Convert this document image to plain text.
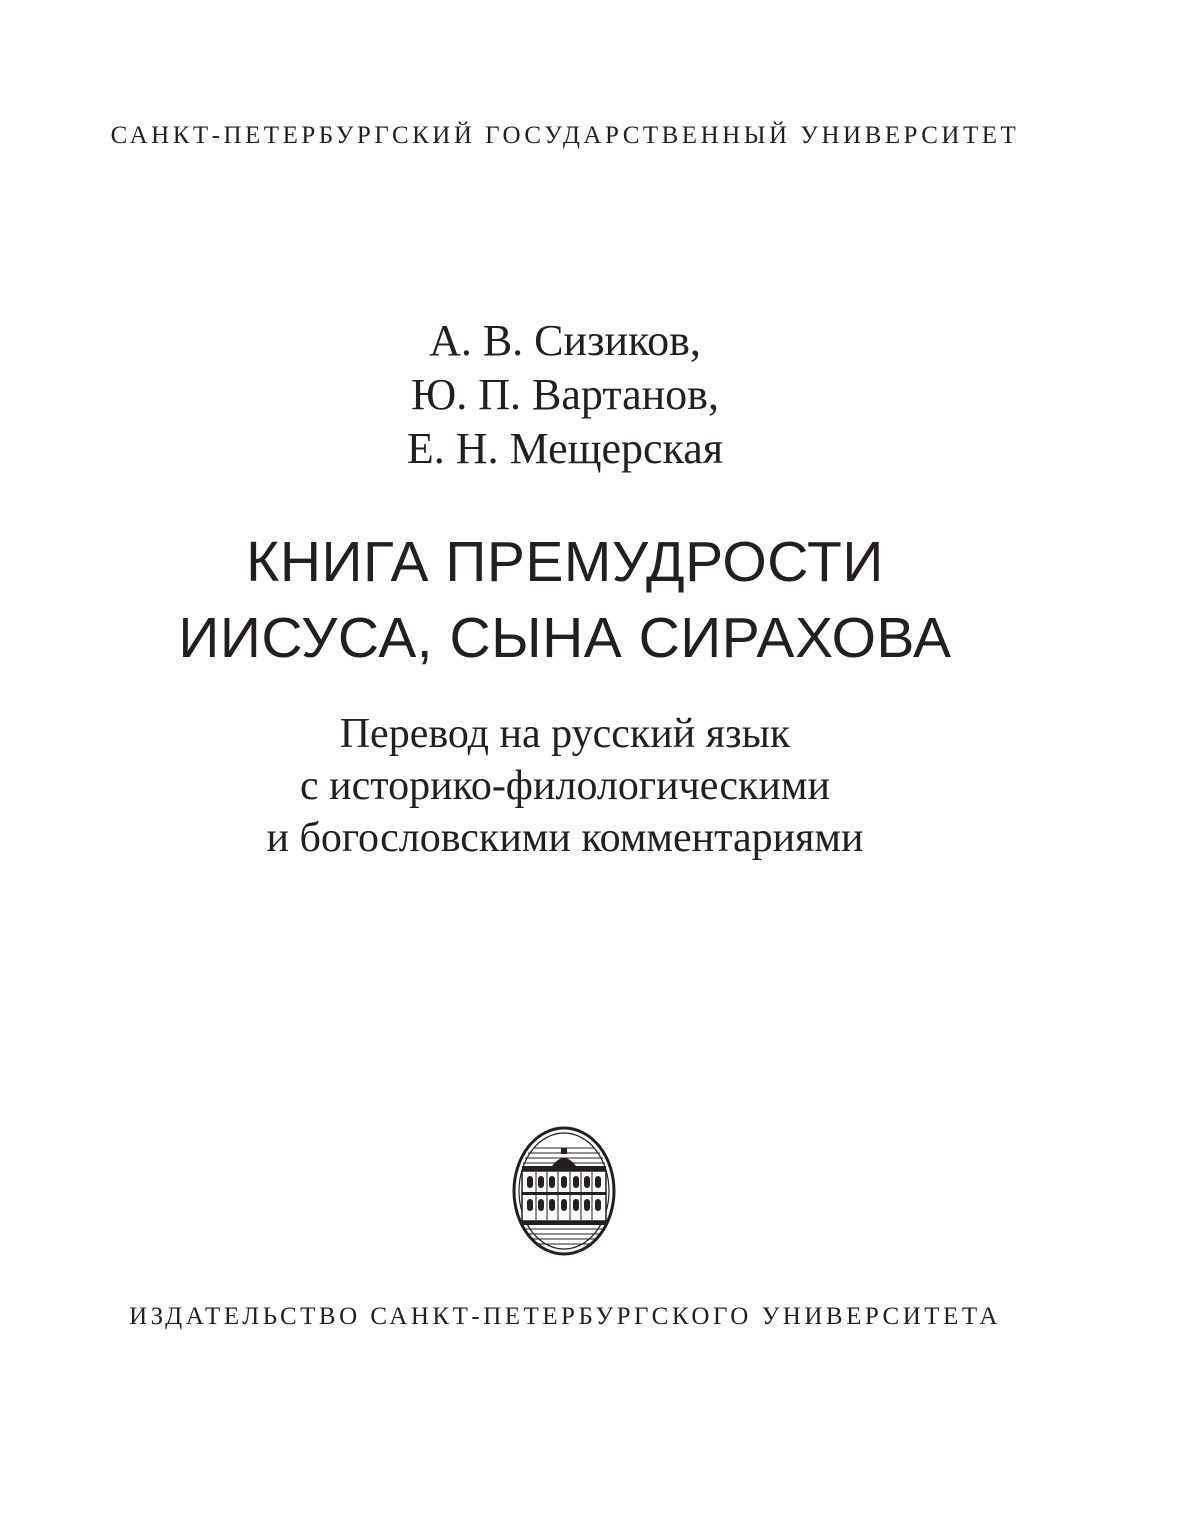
САНКТ-ПЕТЕРБУРГСКИЙ ГОСУДАРСТВЕННЫЙ УНИВЕРСИТЕТ
А. В. Сизиков,
Ю. П. Вартанов,
Е. Н. Мещерская
КНИГА ПРЕМУДРОСТИ
ИИСУСА, СЫНА СИРАХОВА
Перевод на русский язык
с историко-филологическими
и богословскими комментариями
ИЗДАТЕЛЬСТВО САНКТ-ПЕТЕРБУРГСКОГО УНИВЕРСИТЕТА
